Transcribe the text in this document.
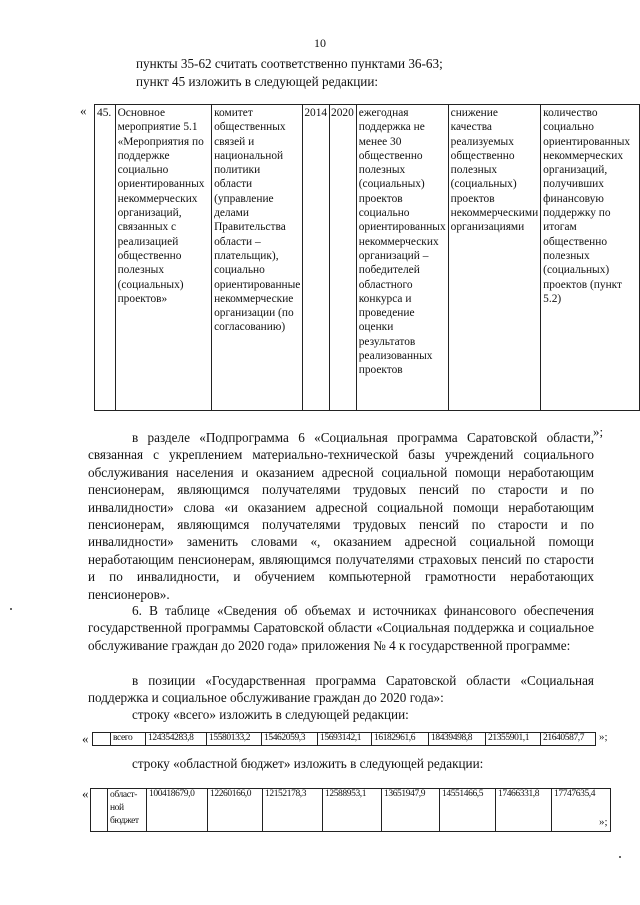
10
пункты 35-62 считать соответственно пунктами 36-63;
пункт 45 изложить в следующей редакции:
« 45.	Основное мероприятие 5.1 «Мероприятия по поддержке социально ориентированных некоммерческих организаций, связанных с реализацией общественно полезных (социальных) проектов»	комитет общественных связей и национальной политики области (управление делами Правительства области – плательщик), социально ориентированные некоммерческие организации (по согласованию)	2014	2020	ежегодная поддержка не менее 30 общественно полезных (социальных) проектов социально ориентированных некоммерческих организаций – победителей областного конкурса и проведение оценки результатов реализованных проектов	снижение качества реализуемых общественно полезных (социальных) проектов некоммерческими организациями	количество социально ориентированных некоммерческих организаций, получивших финансовую поддержку по итогам общественно полезных (социальных) проектов (пункт 5.2)
»;
в разделе «Подпрограмма 6 «Социальная программа Саратовской области, связанная с укреплением материально-технической базы учреждений социального обслуживания населения и оказанием адресной социальной помощи неработающим пенсионерам, являющимся получателями трудовых пенсий по старости и по инвалидности» слова «и оказанием адресной социальной помощи неработающим пенсионерам, являющимся получателями трудовых пенсий по старости и по инвалидности» заменить словами «, оказанием адресной социальной помощи неработающим пенсионерам, являющимся получателями страховых пенсий по старости и по инвалидности, и обучением компьютерной грамотности неработающих пенсионеров».
6. В таблице «Сведения об объемах и источниках финансового обеспечения государственной программы Саратовской области «Социальная поддержка и социальное обслуживание граждан до 2020 года» приложения № 4 к государственной программе:
в позиции «Государственная программа Саратовской области «Социальная поддержка и социальное обслуживание граждан до 2020 года»:
строку «всего» изложить в следующей редакции:
«
		всего	124354283,8	15580133,2	15462059,3	15693142,1	16182961,6	18439498,8	21355901,1	21640587,7 »;
строку «областной бюджет» изложить в следующей редакции:
«
	област-
ной
бюджет	100418679,0	12260166,0	12152178,3	12588953,1	13651947,9	14551466,5	17466331,8	17747635,4
»;
